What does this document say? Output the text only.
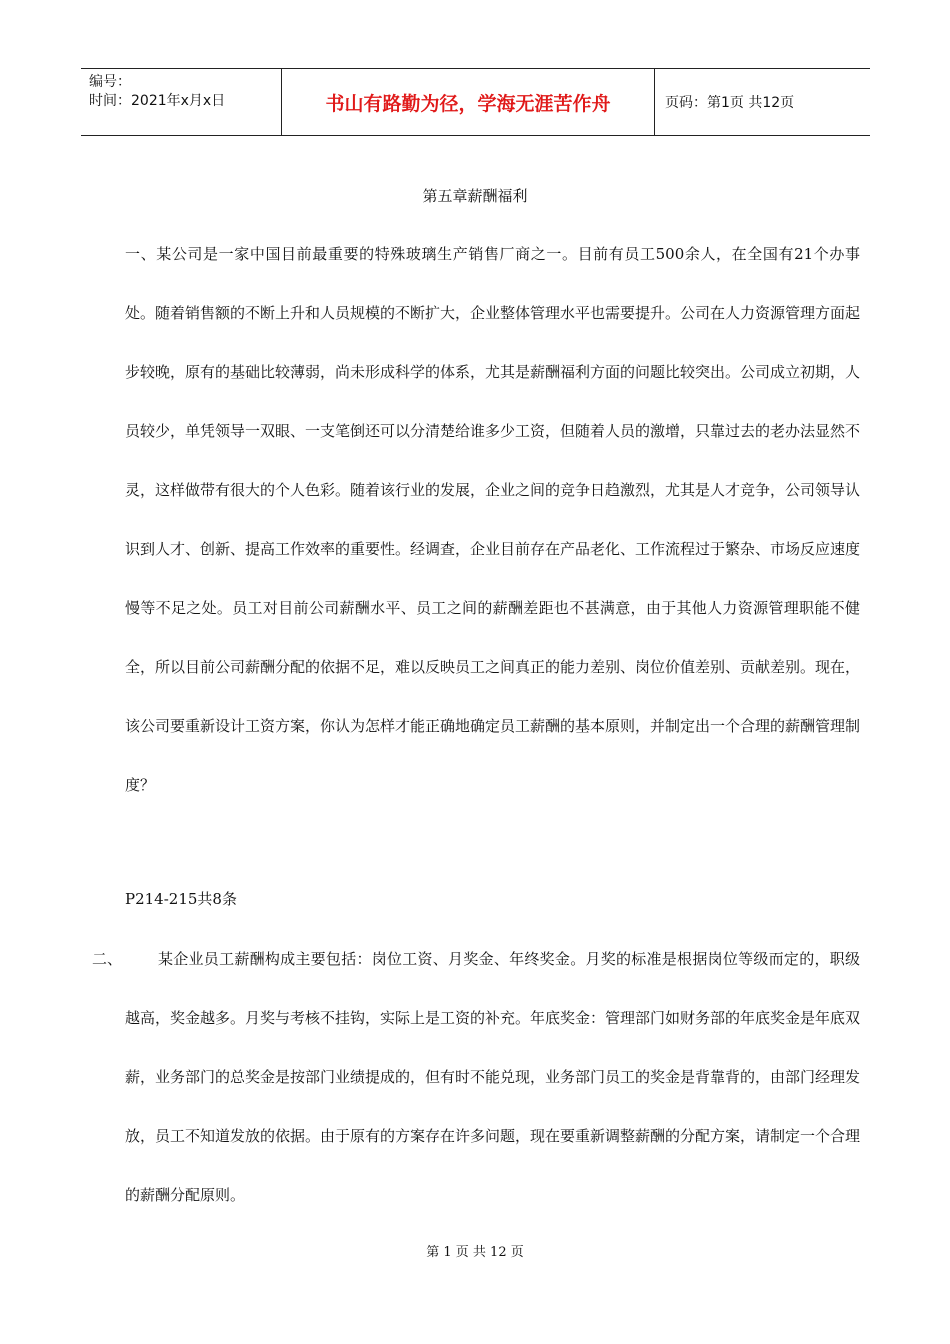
编号：
时间：2021年x月x日	书山有路勤为径，学海无涯苦作舟	页码：第1页 共12页
第五章薪酬福利

一、某公司是一家中国目前最重要的特殊玻璃生产销售厂商之一。目前有员工500余人，在全国有21个办事处。随着销售额的不断上升和人员规模的不断扩大，企业整体管理水平也需要提升。公司在人力资源管理方面起步较晚，原有的基础比较薄弱，尚未形成科学的体系，尤其是薪酬福利方面的问题比较突出。公司成立初期，人员较少，单凭领导一双眼、一支笔倒还可以分清楚给谁多少工资，但随着人员的激增，只靠过去的老办法显然不灵，这样做带有很大的个人色彩。随着该行业的发展，企业之间的竞争日趋激烈，尤其是人才竞争，公司领导认识到人才、创新、提高工作效率的重要性。经调查，企业目前存在产品老化、工作流程过于繁杂、市场反应速度慢等不足之处。员工对目前公司薪酬水平、员工之间的薪酬差距也不甚满意，由于其他人力资源管理职能不健全，所以目前公司薪酬分配的依据不足，难以反映员工之间真正的能力差别、岗位价值差别、贡献差别。现在，该公司要重新设计工资方案，你认为怎样才能正确地确定员工薪酬的基本原则，并制定出一个合理的薪酬管理制度？

P214-215共8条
二、	某企业员工薪酬构成主要包括：岗位工资、月奖金、年终奖金。月奖的标准是根据岗位等级而定的，职级越高，奖金越多。月奖与考核不挂钩，实际上是工资的补充。年底奖金：管理部门如财务部的年底奖金是年底双薪，业务部门的总奖金是按部门业绩提成的，但有时不能兑现，业务部门员工的奖金是背靠背的，由部门经理发放，员工不知道发放的依据。由于原有的方案存在许多问题，现在要重新调整薪酬的分配方案，请制定一个合理的薪酬分配原则。

第 1 页 共 12 页
